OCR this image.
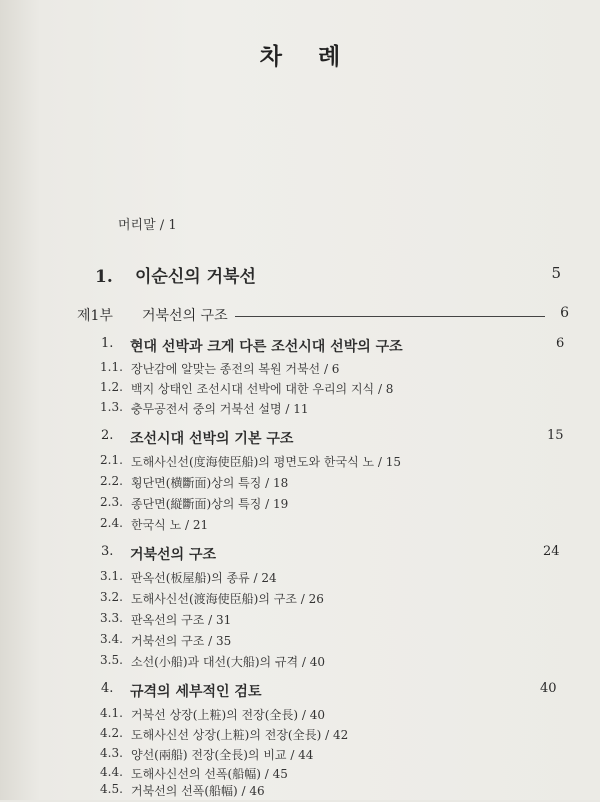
차 례
머리말 / 1
1. 이순신의 거북선	5
제1부 거북선의 구조	6
1. 현대 선박과 크게 다른 조선시대 선박의 구조	6
1.1. 장난감에 알맞는 종전의 복원 거북선 / 6
1.2. 백지 상태인 조선시대 선박에 대한 우리의 지식 / 8
1.3. 충무공전서 중의 거북선 설명 / 11
2. 조선시대 선박의 기본 구조	15
2.1. 도해사신선(度海使臣船)의 평면도와 한국식 노 / 15
2.2. 횡단면(横斷面)상의 특징 / 18
2.3. 종단면(縦斷面)상의 특징 / 19
2.4. 한국식 노 / 21
3. 거북선의 구조	24
3.1. 판옥선(板屋船)의 종류 / 24
3.2. 도해사신선(渡海使臣船)의 구조 / 26
3.3. 판옥선의 구조 / 31
3.4. 거북선의 구조 / 35
3.5. 소선(小船)과 대선(大船)의 규격 / 40
4. 규격의 세부적인 검토	40
4.1. 거북선 상장(上粧)의 전장(全長) / 40
4.2. 도해사신선 상장(上粧)의 전장(全長) / 42
4.3. 양선(兩船) 전장(全長)의 비교 / 44
4.4. 도해사신선의 선폭(船幅) / 45
4.5. 거북선의 선폭(船幅) / 46
